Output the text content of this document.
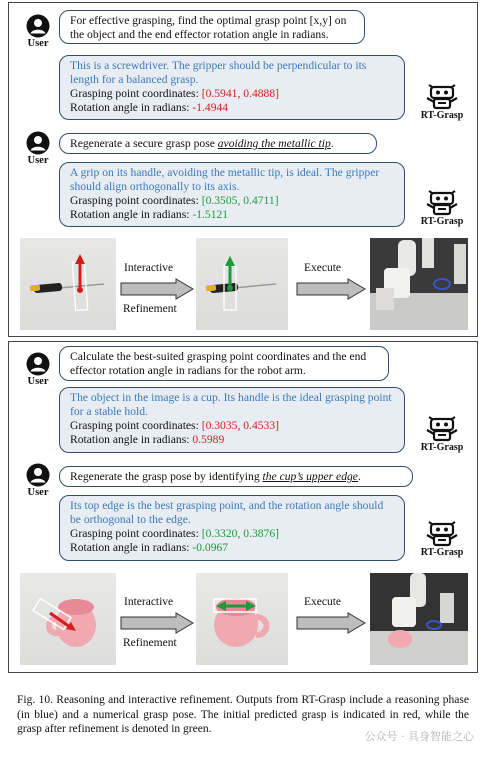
User
For effective grasping, find the optimal grasp point [x,y] on the object and the end effector rotation angle in radians.
This is a screwdriver. The gripper should be perpendicular to its length for a balanced grasp.
Grasping point coordinates: [0.5941, 0.4888]
Rotation angle in radians: -1.4944
RT-Grasp
User
Regenerate a secure grasp pose avoiding the metallic tip.
A grip on its handle, avoiding the metallic tip, is ideal. The gripper should align orthogonally to its axis.
Grasping point coordinates: [0.3505, 0.4711]
Rotation angle in radians: -1.5121
RT-Grasp
Interactive
Refinement
Execute
User
Calculate the best-suited grasping point coordinates and the end effector rotation angle in radians for the robot arm.
The object in the image is a cup. Its handle is the ideal grasping point for a stable hold.
Grasping point coordinates: [0.3035, 0.4533]
Rotation angle in radians: 0.5989
RT-Grasp
User
Regenerate the grasp pose by identifying the cup’s upper edge.
Its top edge is the best grasping point, and the rotation angle should be orthogonal to the edge.
Grasping point coordinates: [0.3320, 0.3876]
Rotation angle in radians: -0.0967	RT-Grasp
Interactive
Refinement
Execute
Fig. 10. Reasoning and interactive refinement. Outputs from RT-Grasp include a reasoning phase (in blue) and a numerical grasp pose. The initial predicted grasp is indicated in red, while the grasp after refinement is denoted in green.
公众号 · 具身智能之心
